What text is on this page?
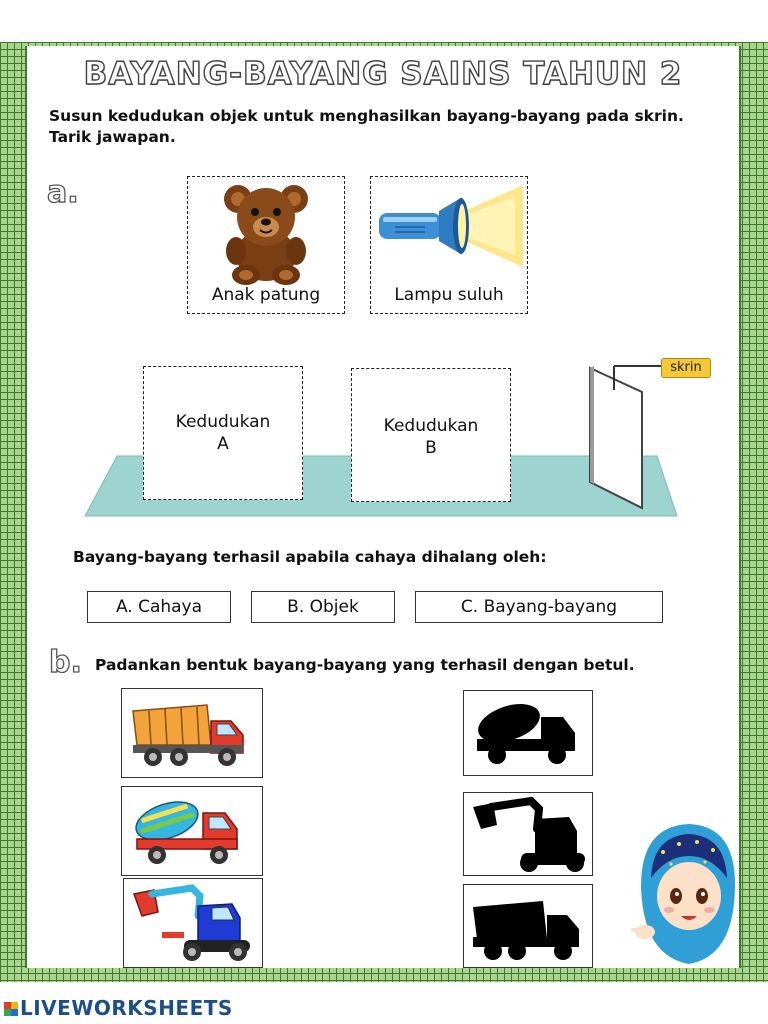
BAYANG-BAYANG SAINS TAHUN 2
Susun kedudukan objek untuk menghasilkan bayang-bayang pada skrin.
Tarik jawapan.
a.
Anak patung	Lampu suluh
skrin
Kedudukan
A
Kedudukan
B
Bayang-bayang terhasil apabila cahaya dihalang oleh:
A. Cahaya	B. Objek	C. Bayang-bayang
b. Padankan bentuk bayang-bayang yang terhasil dengan betul.
LIVEWORKSHEETS
